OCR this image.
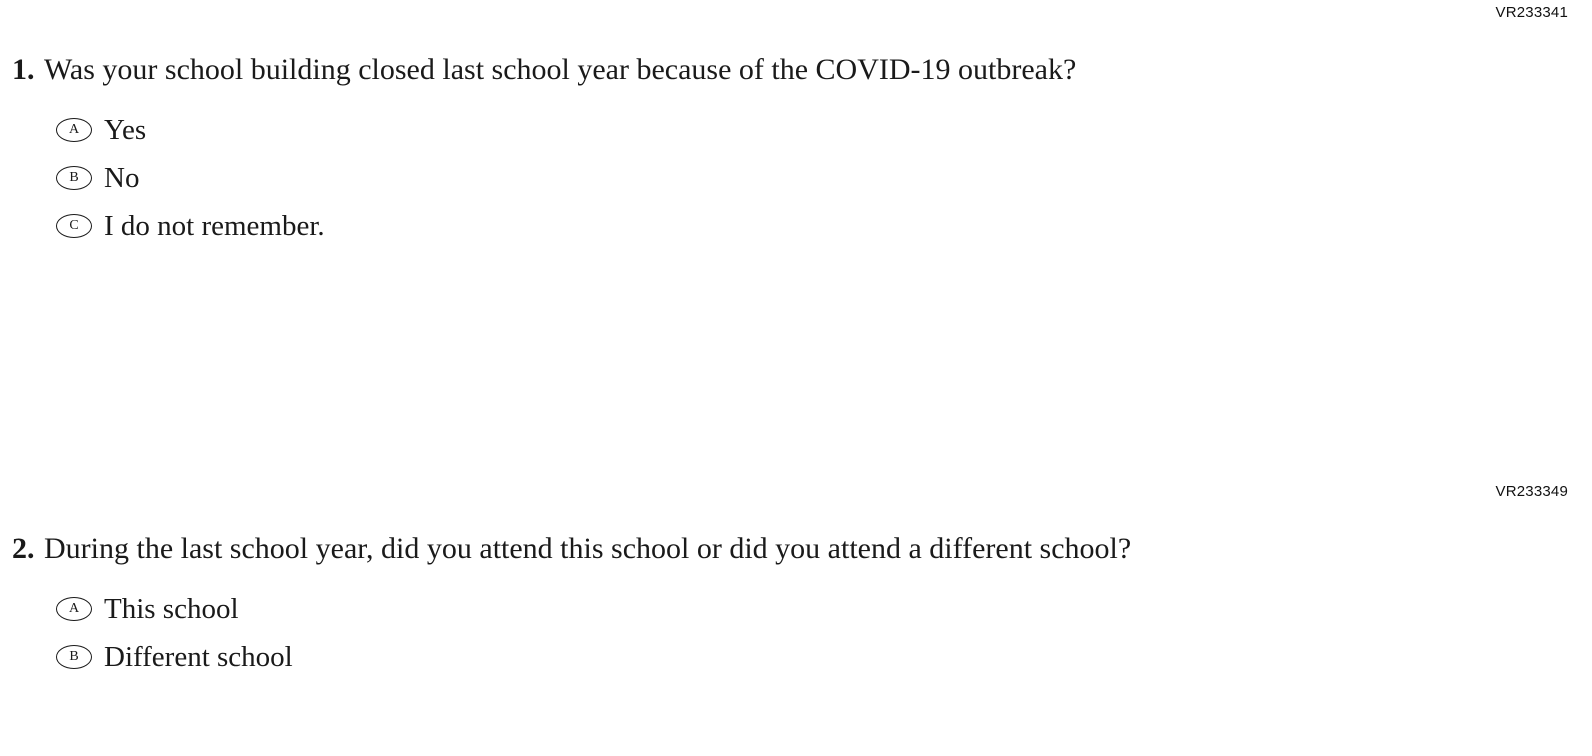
VR233341
1. Was your school building closed last school year because of the COVID-19 outbreak?
A Yes
B No
C I do not remember.
VR233349
2. During the last school year, did you attend this school or did you attend a different school?
A This school
B Different school
